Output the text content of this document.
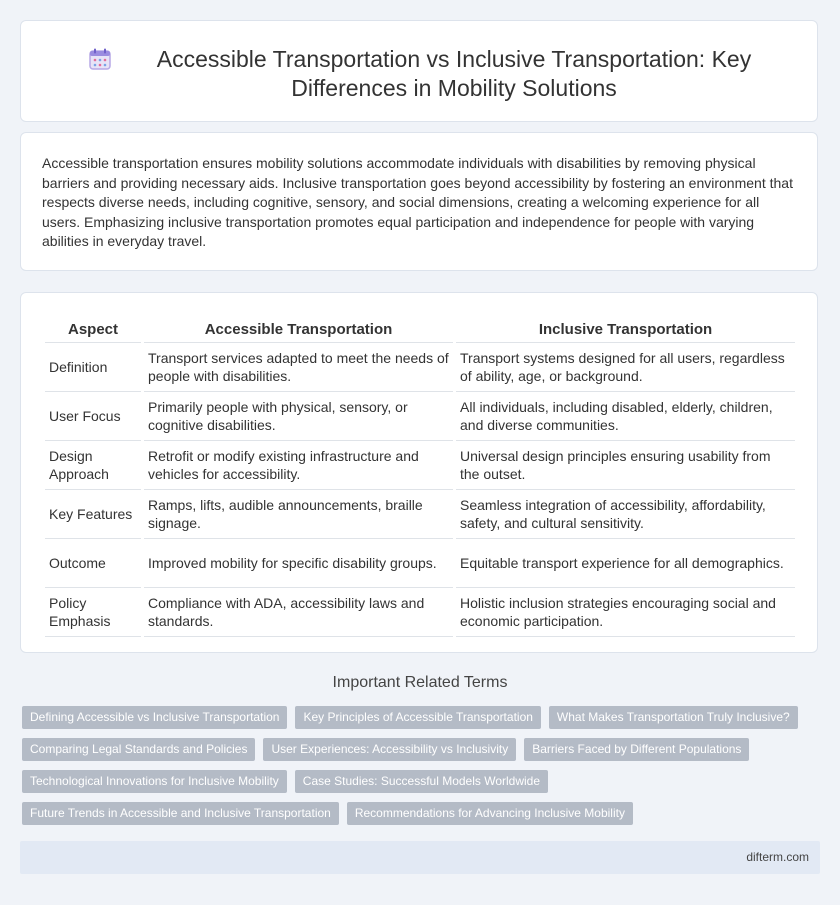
Accessible Transportation vs Inclusive Transportation: Key Differences in Mobility Solutions

Accessible transportation ensures mobility solutions accommodate individuals with disabilities by removing physical barriers and providing necessary aids. Inclusive transportation goes beyond accessibility by fostering an environment that respects diverse needs, including cognitive, sensory, and social dimensions, creating a welcoming experience for all users. Emphasizing inclusive transportation promotes equal participation and independence for people with varying abilities in everyday travel.

Aspect	Accessible Transportation	Inclusive Transportation
Definition	Transport services adapted to meet the needs of people with disabilities.	Transport systems designed for all users, regardless of ability, age, or background.
User Focus	Primarily people with physical, sensory, or cognitive disabilities.	All individuals, including disabled, elderly, children, and diverse communities.
Design Approach	Retrofit or modify existing infrastructure and vehicles for accessibility.	Universal design principles ensuring usability from the outset.
Key Features	Ramps, lifts, audible announcements, braille signage.	Seamless integration of accessibility, affordability, safety, and cultural sensitivity.
Outcome	Improved mobility for specific disability groups.	Equitable transport experience for all demographics.
Policy Emphasis	Compliance with ADA, accessibility laws and standards.	Holistic inclusion strategies encouraging social and economic participation.
Important Related Terms
Defining Accessible vs Inclusive Transportation	Key Principles of Accessible Transportation	What Makes Transportation Truly Inclusive?
Comparing Legal Standards and Policies	User Experiences: Accessibility vs Inclusivity	Barriers Faced by Different Populations
Technological Innovations for Inclusive Mobility	Case Studies: Successful Models Worldwide
Future Trends in Accessible and Inclusive Transportation	Recommendations for Advancing Inclusive Mobility
difterm.com
